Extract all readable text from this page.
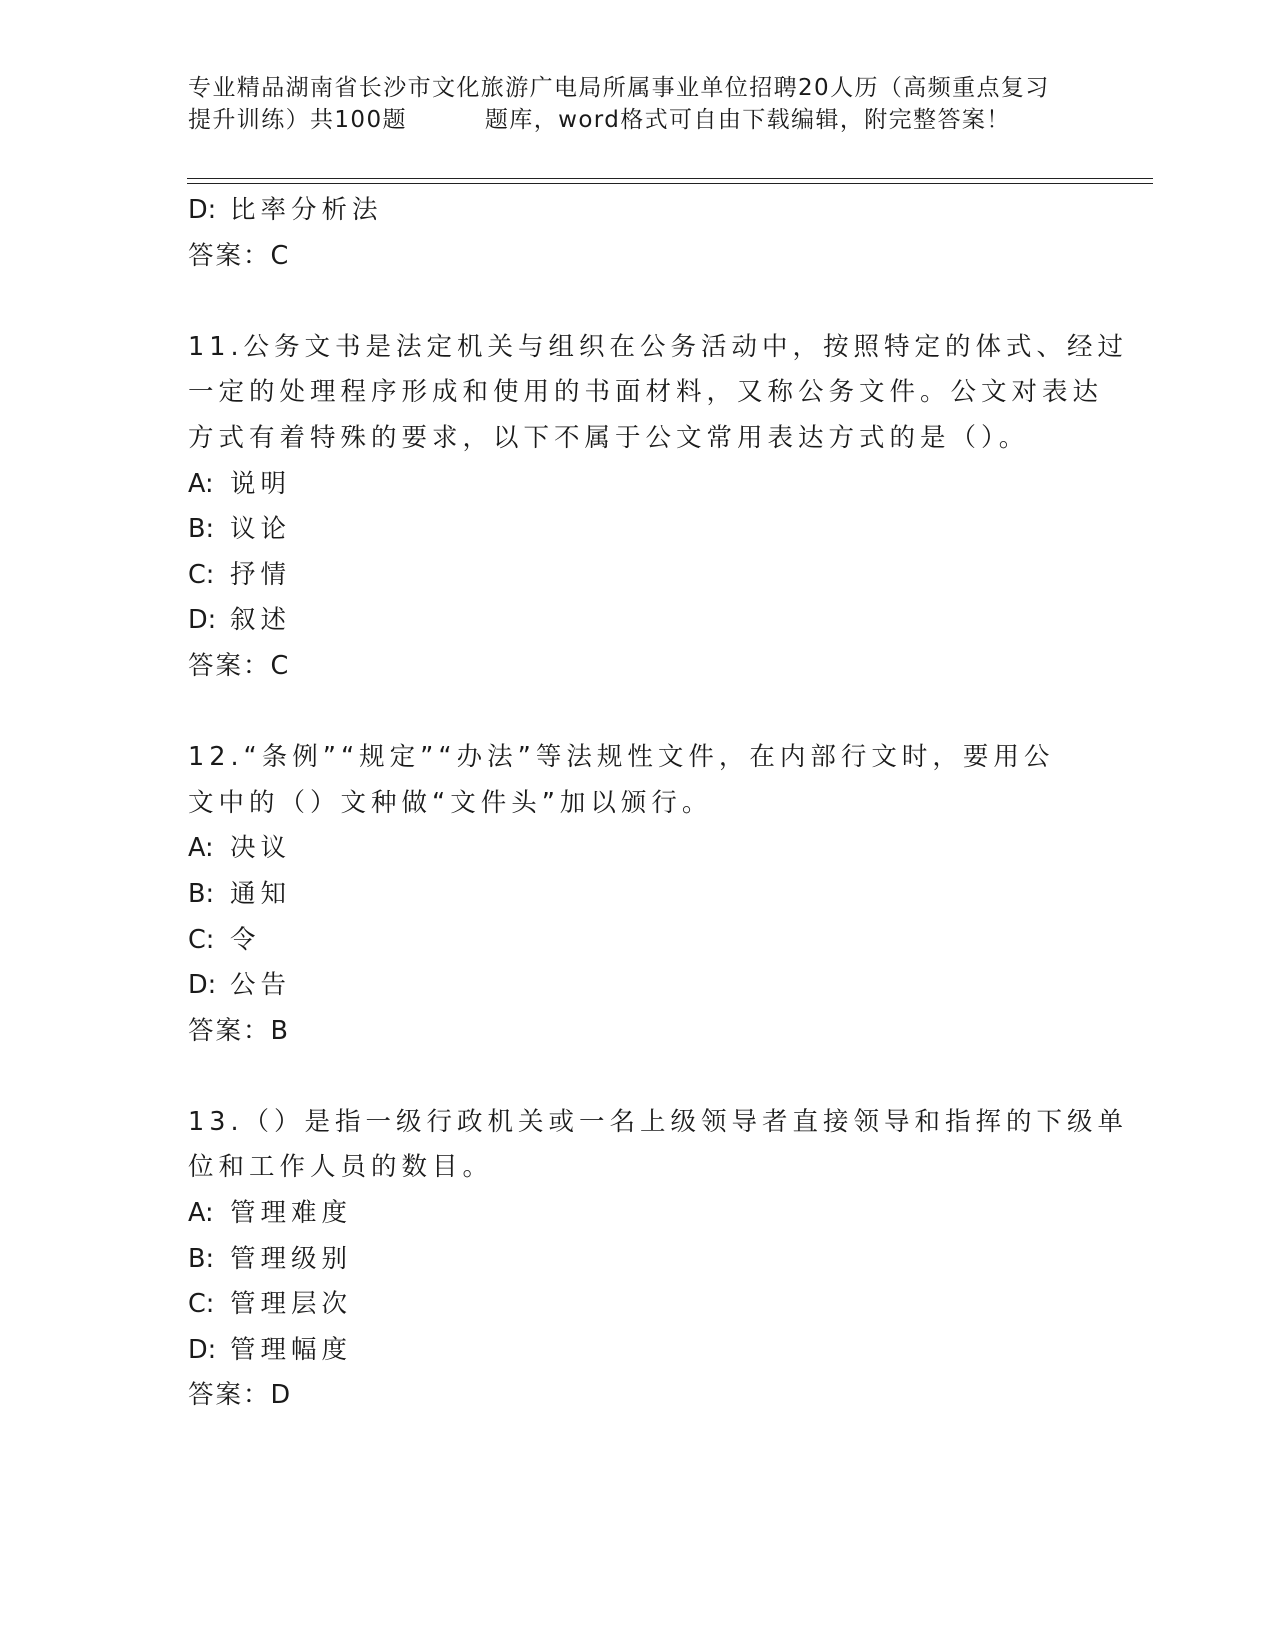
专业精品湖南省长沙市文化旅游广电局所属事业单位招聘20人历（高频重点复习
提升训练）共100题	题库，word格式可自由下载编辑，附完整答案！
D: 比率分析法
答案：C
11.公务文书是法定机关与组织在公务活动中，按照特定的体式、经过
一定的处理程序形成和使用的书面材料，又称公务文件。公文对表达
方式有着特殊的要求，以下不属于公文常用表达方式的是（）。
A: 说明
B: 议论
C: 抒情
D: 叙述
答案：C
12.“条例”“规定”“办法”等法规性文件，在内部行文时，要用公
文中的（）文种做“文件头”加以颁行。
A: 决议
B: 通知
C: 令
D: 公告
答案：B
13.（）是指一级行政机关或一名上级领导者直接领导和指挥的下级单
位和工作人员的数目。
A: 管理难度
B: 管理级别
C: 管理层次
D: 管理幅度
答案：D
